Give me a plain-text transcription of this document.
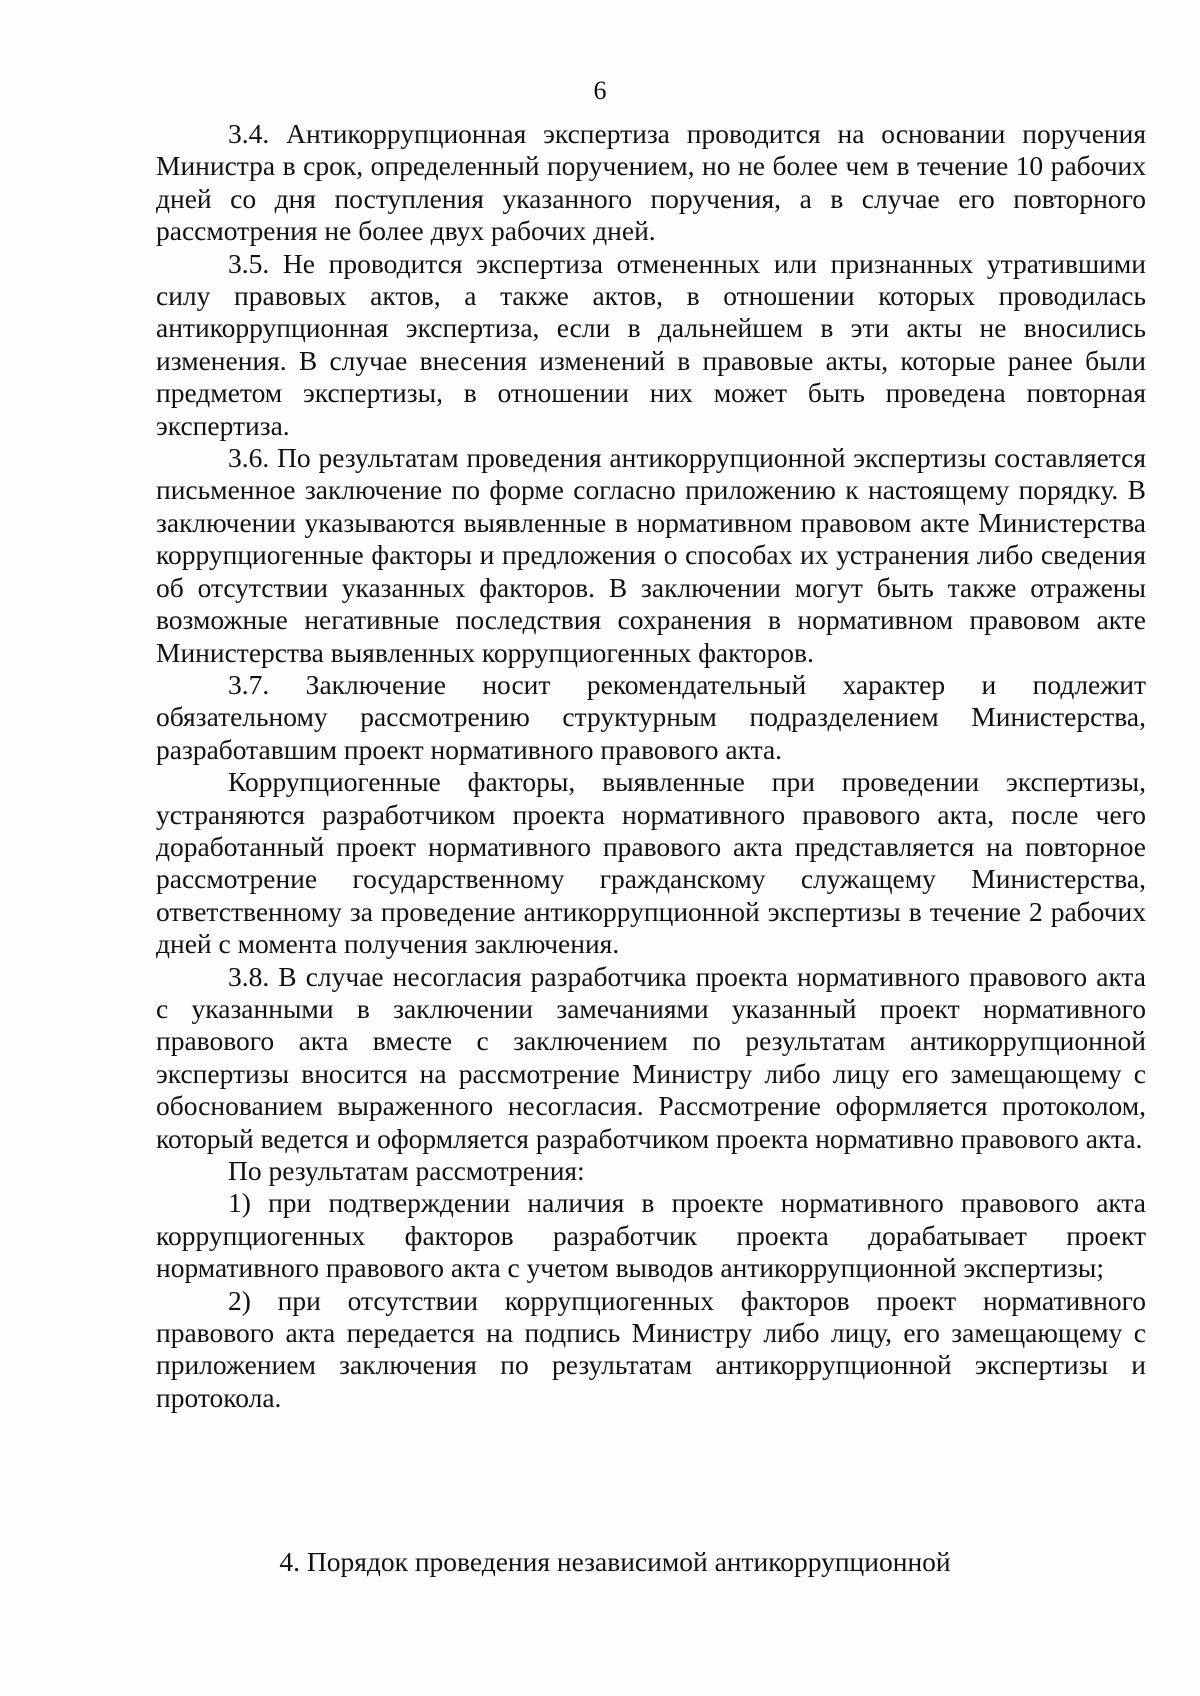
6

3.4. Антикоррупционная экспертиза проводится на основании поручения Министра в срок, определенный поручением, но не более чем в течение 10 рабочих дней со дня поступления указанного поручения, а в случае его повторного рассмотрения не более двух рабочих дней.

3.5. Не проводится экспертиза отмененных или признанных утратившими силу правовых актов, а также актов, в отношении которых проводилась антикоррупционная экспертиза, если в дальнейшем в эти акты не вносились изменения. В случае внесения изменений в правовые акты, которые ранее были предметом экспертизы, в отношении них может быть проведена повторная экспертиза.

3.6. По результатам проведения антикоррупционной экспертизы составляется письменное заключение по форме согласно приложению к настоящему порядку. В заключении указываются выявленные в нормативном правовом акте Министерства коррупциогенные факторы и предложения о способах их устранения либо сведения об отсутствии указанных факторов. В заключении могут быть также отражены возможные негативные последствия сохранения в нормативном правовом акте Министерства выявленных коррупциогенных факторов.

3.7. Заключение носит рекомендательный характер и подлежит обязательному рассмотрению структурным подразделением Министерства, разработавшим проект нормативного правового акта.

Коррупциогенные факторы, выявленные при проведении экспертизы, устраняются разработчиком проекта нормативного правового акта, после чего доработанный проект нормативного правового акта представляется на повторное рассмотрение государственному гражданскому служащему Министерства, ответственному за проведение антикоррупционной экспертизы в течение 2 рабочих дней с момента получения заключения.

3.8. В случае несогласия разработчика проекта нормативного правового акта с указанными в заключении замечаниями указанный проект нормативного правового акта вместе с заключением по результатам антикоррупционной экспертизы вносится на рассмотрение Министру либо лицу его замещающему с обоснованием выраженного несогласия. Рассмотрение оформляется протоколом, который ведется и оформляется разработчиком проекта нормативно правового акта.

По результатам рассмотрения:

1) при подтверждении наличия в проекте нормативного правового акта коррупциогенных факторов разработчик проекта дорабатывает проект нормативного правового акта с учетом выводов антикоррупционной экспертизы;

2) при отсутствии коррупциогенных факторов проект нормативного правового акта передается на подпись Министру либо лицу, его замещающему с приложением заключения по результатам антикоррупционной экспертизы и протокола.

4. Порядок проведения независимой антикоррупционной
